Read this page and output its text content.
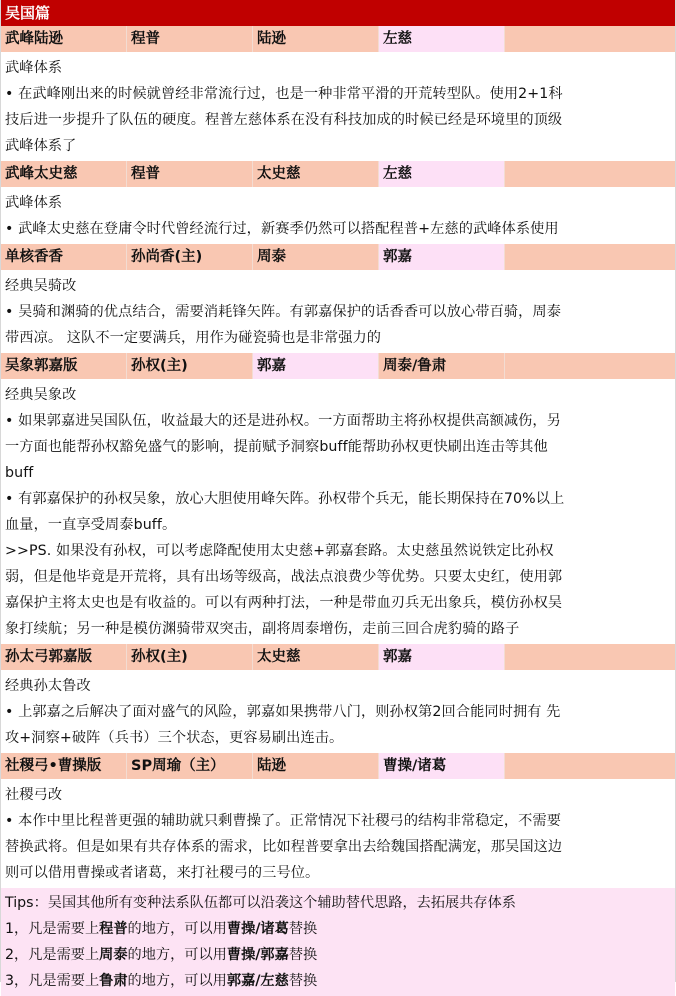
吴国篇
武峰陆逊	程普	陆逊	左慈

武峰体系

• 在武峰刚出来的时候就曾经非常流行过，也是一种非常平滑的开荒转型队。使用2+1科

技后进一步提升了队伍的硬度。程普左慈体系在没有科技加成的时候已经是环境里的顶级

武峰体系了

武峰太史慈	程普	太史慈	左慈

武峰体系

• 武峰太史慈在登庸令时代曾经流行过，新赛季仍然可以搭配程普+左慈的武峰体系使用

单核香香	孙尚香(主)	周泰	郭嘉

经典吴骑改

• 吴骑和渊骑的优点结合，需要消耗锋矢阵。有郭嘉保护的话香香可以放心带百骑，周泰

带西凉。 这队不一定要满兵，用作为碰瓷骑也是非常强力的

吴象郭嘉版	孙权(主)	郭嘉	周泰/鲁肃

经典吴象改

• 如果郭嘉进吴国队伍，收益最大的还是进孙权。一方面帮助主将孙权提供高额减伤，另

一方面也能帮孙权豁免盛气的影响，提前赋予洞察buff能帮助孙权更快刷出连击等其他

buff

• 有郭嘉保护的孙权吴象，放心大胆使用峰矢阵。孙权带个兵无，能长期保持在70%以上

血量，一直享受周泰buff。

>>PS. 如果没有孙权，可以考虑降配使用太史慈+郭嘉套路。太史慈虽然说铁定比孙权

弱，但是他毕竟是开荒将，具有出场等级高，战法点浪费少等优势。只要太史红，使用郭

嘉保护主将太史也是有收益的。可以有两种打法，一种是带血刃兵无出象兵，模仿孙权吴

象打续航；另一种是模仿渊骑带双突击，副将周泰增伤，走前三回合虎豹骑的路子

孙太弓郭嘉版	孙权(主)	太史慈	郭嘉

经典孙太鲁改

• 上郭嘉之后解决了面对盛气的风险，郭嘉如果携带八门，则孙权第2回合能同时拥有 先

攻+洞察+破阵（兵书）三个状态，更容易刷出连击。

社稷弓•曹操版	SP周瑜（主）	陆逊	曹操/诸葛

社稷弓改

• 本作中里比程普更强的辅助就只剩曹操了。正常情况下社稷弓的结构非常稳定，不需要

替换武将。但是如果有共存体系的需求，比如程普要拿出去给魏国搭配满宠，那吴国这边

则可以借用曹操或者诸葛，来打社稷弓的三号位。

Tips：吴国其他所有变种法系队伍都可以沿袭这个辅助替代思路，去拓展共存体系

1，凡是需要上程普的地方，可以用曹操/诸葛替换

2，凡是需要上周泰的地方，可以用曹操/郭嘉替换

3，凡是需要上鲁肃的地方，可以用郭嘉/左慈替换
